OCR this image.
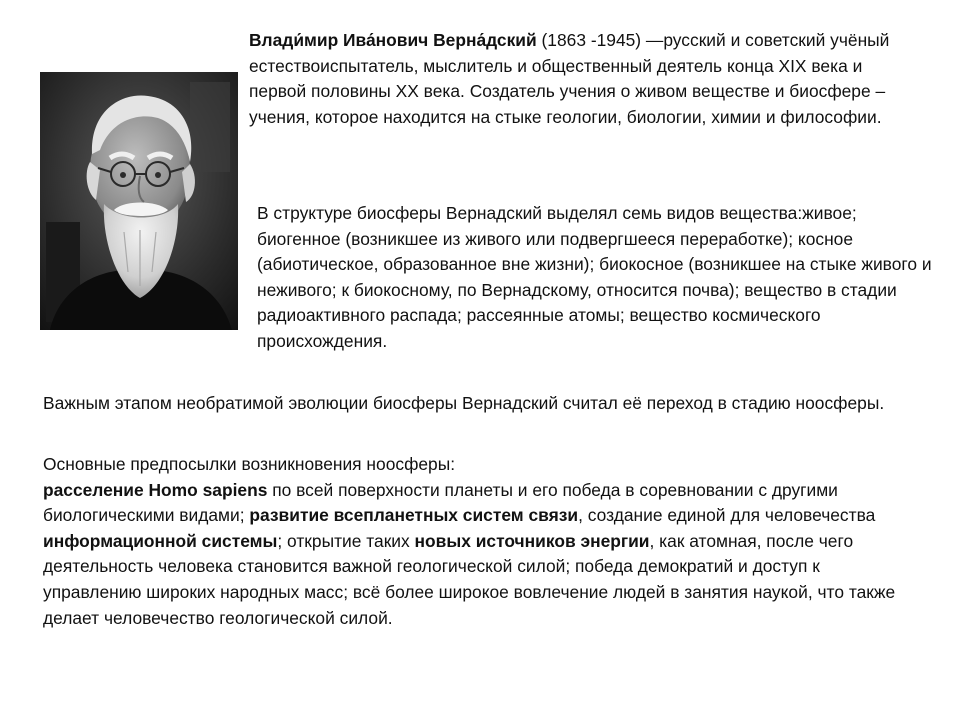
Влади́мир Ива́нович Верна́дский (1863 -1945) —русский и советский учёный естествоиспытатель, мыслитель и общественный деятель конца XIX века и первой половины XX века. Создатель учения о живом веществе и биосфере – учения, которое находится на стыке геологии, биологии, химии и философии.

В структуре биосферы Вернадский выделял семь видов вещества:живое; биогенное (возникшее из живого или подвергшееся переработке); косное (абиотическое, образованное вне жизни); биокосное (возникшее на стыке живого и неживого; к биокосному, по Вернадскому, относится почва); вещество в стадии радиоактивного распада; рассеянные атомы; вещество космического происхождения.

Важным этапом необратимой эволюции биосферы Вернадский считал её переход в стадию ноосферы.

Основные предпосылки возникновения ноосферы:
расселение Homo sapiens по всей поверхности планеты и его победа в соревновании с другими биологическими видами; развитие всепланетных систем связи, создание единой для человечества информационной системы; открытие таких новых источников энергии, как атомная, после чего деятельность человека становится важной геологической силой; победа демократий и доступ к управлению широких народных масс; всё более широкое вовлечение людей в занятия наукой, что также делает человечество геологической силой.
